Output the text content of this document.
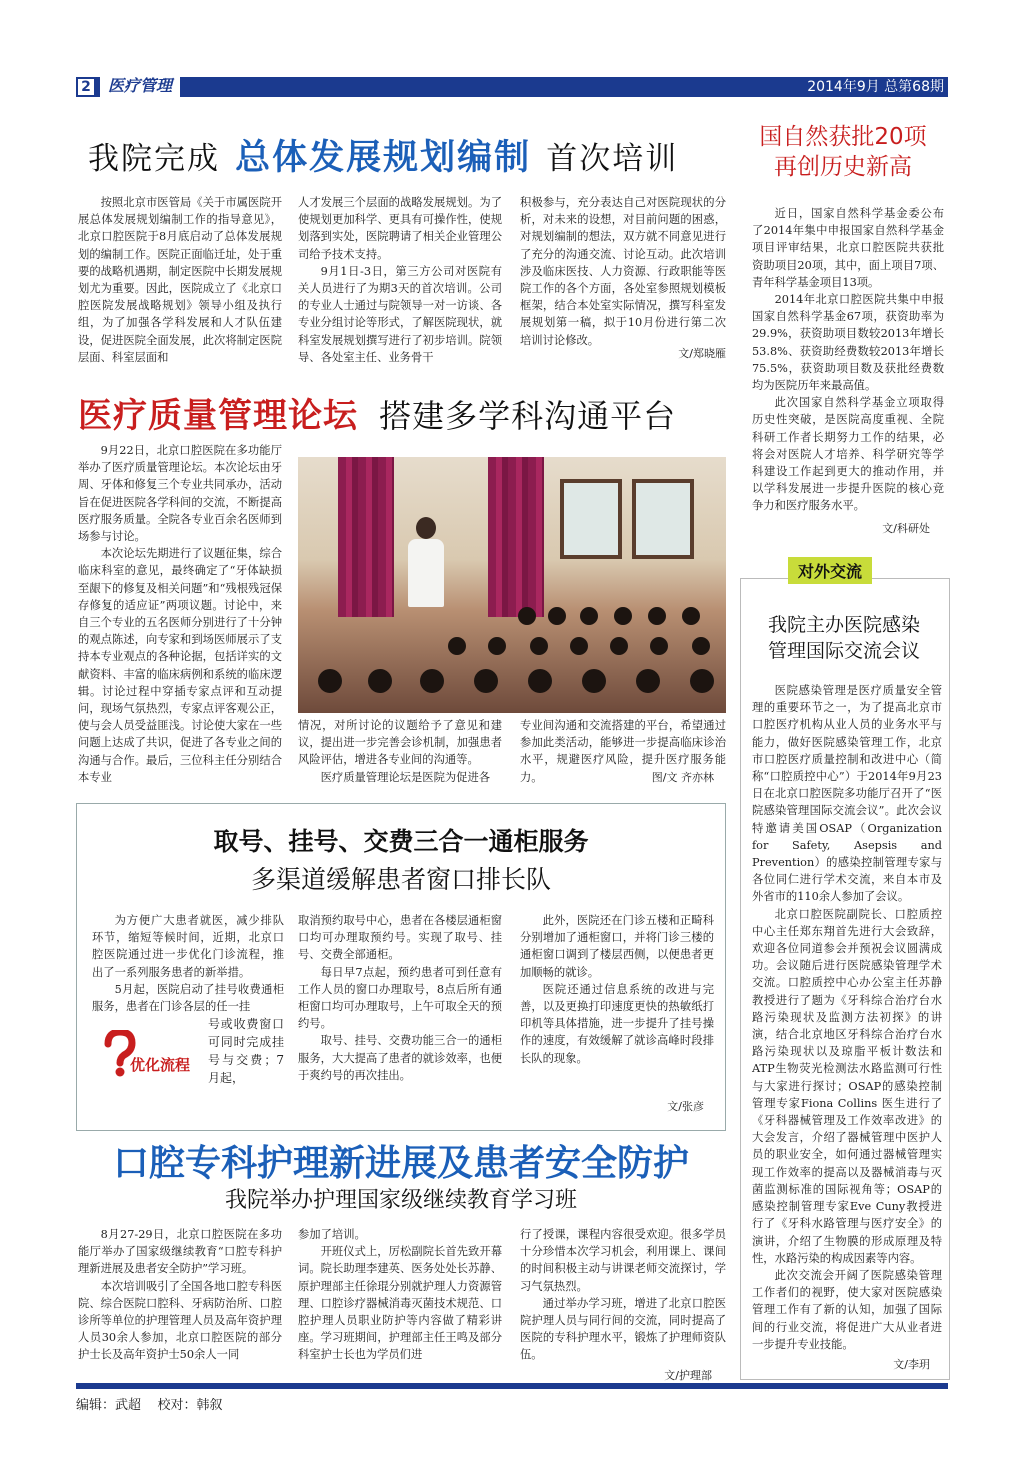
2	医疗管理	2014年9月 总第68期
我院完成 总体发展规划编制 首次培训

按照北京市医管局《关于市属医院开展总体发展规划编制工作的指导意见》，北京口腔医院于8月底启动了总体发展规划的编制工作。医院正面临迁址，处于重要的战略机遇期，制定医院中长期发展规划尤为重要。因此，医院成立了《北京口腔医院发展战略规划》领导小组及执行组，为了加强各学科发展和人才队伍建设，促进医院全面发展，此次将制定医院层面、科室层面和

人才发展三个层面的战略发展规划。为了使规划更加科学、更具有可操作性，使规划落到实处，医院聘请了相关企业管理公司给予技术支持。

9月1日-3日，第三方公司对医院有关人员进行了为期3天的首次培训。公司的专业人士通过与院领导一对一访谈、各专业分组讨论等形式，了解医院现状，就科室发展规划撰写进行了初步培训。院领导、各处室主任、业务骨干

积极参与，充分表达自己对医院现状的分析，对未来的设想，对目前问题的困惑，对规划编制的想法，双方就不同意见进行了充分的沟通交流、讨论互动。此次培训涉及临床医技、人力资源、行政职能等医院工作的各个方面，各处室参照规划模板框架，结合本处室实际情况，撰写科室发展规划第一稿，拟于10月份进行第二次培训讨论修改。

文/郑晓雁
医疗质量管理论坛 搭建多学科沟通平台

9月22日，北京口腔医院在多功能厅举办了医疗质量管理论坛。本次论坛由牙周、牙体和修复三个专业共同承办，活动旨在促进医院各学科间的交流，不断提高医疗服务质量。全院各专业百余名医师到场参与讨论。

本次论坛先期进行了议题征集，综合临床科室的意见，最终确定了“牙体缺损至龈下的修复及相关问题”和“残根残冠保存修复的适应证”两项议题。讨论中，来自三个专业的五名医师分别进行了十分钟的观点陈述，向专家和到场医师展示了支持本专业观点的各种论据，包括详实的文献资料、丰富的临床病例和系统的临床逻辑。讨论过程中穿插专家点评和互动提问，现场气氛热烈，专家点评客观公正，使与会人员受益匪浅。讨论使大家在一些问题上达成了共识，促进了各专业之间的沟通与合作。最后，三位科主任分别结合本专业

情况，对所讨论的议题给予了意见和建议，提出进一步完善会诊机制，加强患者风险评估，增进各专业间的沟通等。

医疗质量管理论坛是医院为促进各

专业间沟通和交流搭建的平台，希望通过参加此类活动，能够进一步提高临床诊治水平，规避医疗风险，提升医疗服务能力。	图/文 齐亦林
取号、挂号、交费三合一通柜服务
多渠道缓解患者窗口排长队

为方便广大患者就医，减少排队环节，缩短等候时间，近期，北京口腔医院通过进一步优化门诊流程，推出了一系列服务患者的新举措。

5月起，医院启动了挂号收费通柜服务，患者在门诊各层的任一挂

号或收费窗口可同时完成挂号与交费；7月起，

优化流程

取消预约取号中心，患者在各楼层通柜窗口均可办理取预约号。实现了取号、挂号、交费全部通柜。

每日早7点起，预约患者可到任意有工作人员的窗口办理取号，8点后所有通柜窗口均可办理取号，上午可取全天的预约号。

取号、挂号、交费功能三合一的通柜服务，大大提高了患者的就诊效率，也便于爽约号的再次挂出。

此外，医院还在门诊五楼和正畸科分别增加了通柜窗口，并将门诊三楼的通柜窗口调到了楼层西侧，以便患者更加顺畅的就诊。

医院还通过信息系统的改进与完善，以及更换打印速度更快的热敏纸打印机等具体措施，进一步提升了挂号操作的速度，有效缓解了就诊高峰时段排长队的现象。

文/张彦
口腔专科护理新进展及患者安全防护
我院举办护理国家级继续教育学习班

8月27-29日，北京口腔医院在多功能厅举办了国家级继续教育“口腔专科护理新进展及患者安全防护”学习班。

本次培训吸引了全国各地口腔专科医院、综合医院口腔科、牙病防治所、口腔诊所等单位的护理管理人员及高年资护理人员30余人参加，北京口腔医院的部分护士长及高年资护士50余人一同

参加了培训。

开班仪式上，厉松副院长首先致开幕词。院长助理李建英、医务处处长苏静、原护理部主任徐琨分别就护理人力资源管理、口腔诊疗器械消毒灭菌技术规范、口腔护理人员职业防护等内容做了精彩讲座。学习班期间，护理部主任王鸣及部分科室护士长也为学员们进

行了授课，课程内容很受欢迎。很多学员十分珍惜本次学习机会，利用课上、课间的时间积极主动与讲课老师交流探讨，学习气氛热烈。

通过举办学习班，增进了北京口腔医院护理人员与同行间的交流，同时提高了医院的专科护理水平，锻炼了护理师资队伍。

文/护理部
国自然获批20项
再创历史新高

近日，国家自然科学基金委公布了2014年集中申报国家自然科学基金项目评审结果，北京口腔医院共获批资助项目20项，其中，面上项目7项、青年科学基金项目13项。

2014年北京口腔医院共集中申报国家自然科学基金67项，获资助率为29.9%，获资助项目数较2013年增长53.8%、获资助经费数较2013年增长75.5%，获资助项目数及获批经费数均为医院历年来最高值。

此次国家自然科学基金立项取得历史性突破，是医院高度重视、全院科研工作者长期努力工作的结果，必将会对医院人才培养、科学研究等学科建设工作起到更大的推动作用，并以学科发展进一步提升医院的核心竞争力和医疗服务水平。

文/科研处
对外交流
我院主办医院感染
管理国际交流会议

医院感染管理是医疗质量安全管理的重要环节之一，为了提高北京市口腔医疗机构从业人员的业务水平与能力，做好医院感染管理工作，北京市口腔医疗质量控制和改进中心（简称“口腔质控中心”）于2014年9月23日在北京口腔医院多功能厅召开了“医院感染管理国际交流会议”。此次会议特邀请美国OSAP（Organization for Safety, Asepsis and Prevention）的感染控制管理专家与各位同仁进行学术交流，来自本市及外省市的110余人参加了会议。

北京口腔医院副院长、口腔质控中心主任郑东翔首先进行大会致辞，欢迎各位同道参会并预祝会议圆满成功。会议随后进行医院感染管理学术交流。口腔质控中心办公室主任苏静教授进行了题为《牙科综合治疗台水路污染现状及监测方法初探》的讲演，结合北京地区牙科综合治疗台水路污染现状以及琼脂平板计数法和ATP生物荧光检测法水路监测可行性与大家进行探讨；OSAP的感染控制管理专家Fiona Collins 医生进行了《牙科器械管理及工作效率改进》的大会发言，介绍了器械管理中医护人员的职业安全，如何通过器械管理实现工作效率的提高以及器械消毒与灭菌监测标准的国际视角等；OSAP的感染控制管理专家Eve Cuny教授进行了《牙科水路管理与医疗安全》的演讲，介绍了生物膜的形成原理及特性，水路污染的构成因素等内容。

此次交流会开阔了医院感染管理工作者们的视野，使大家对医院感染管理工作有了新的认知，加强了国际间的行业交流，将促进广大从业者进一步提升专业技能。

文/李玥
编辑：武超    校对：韩叙
